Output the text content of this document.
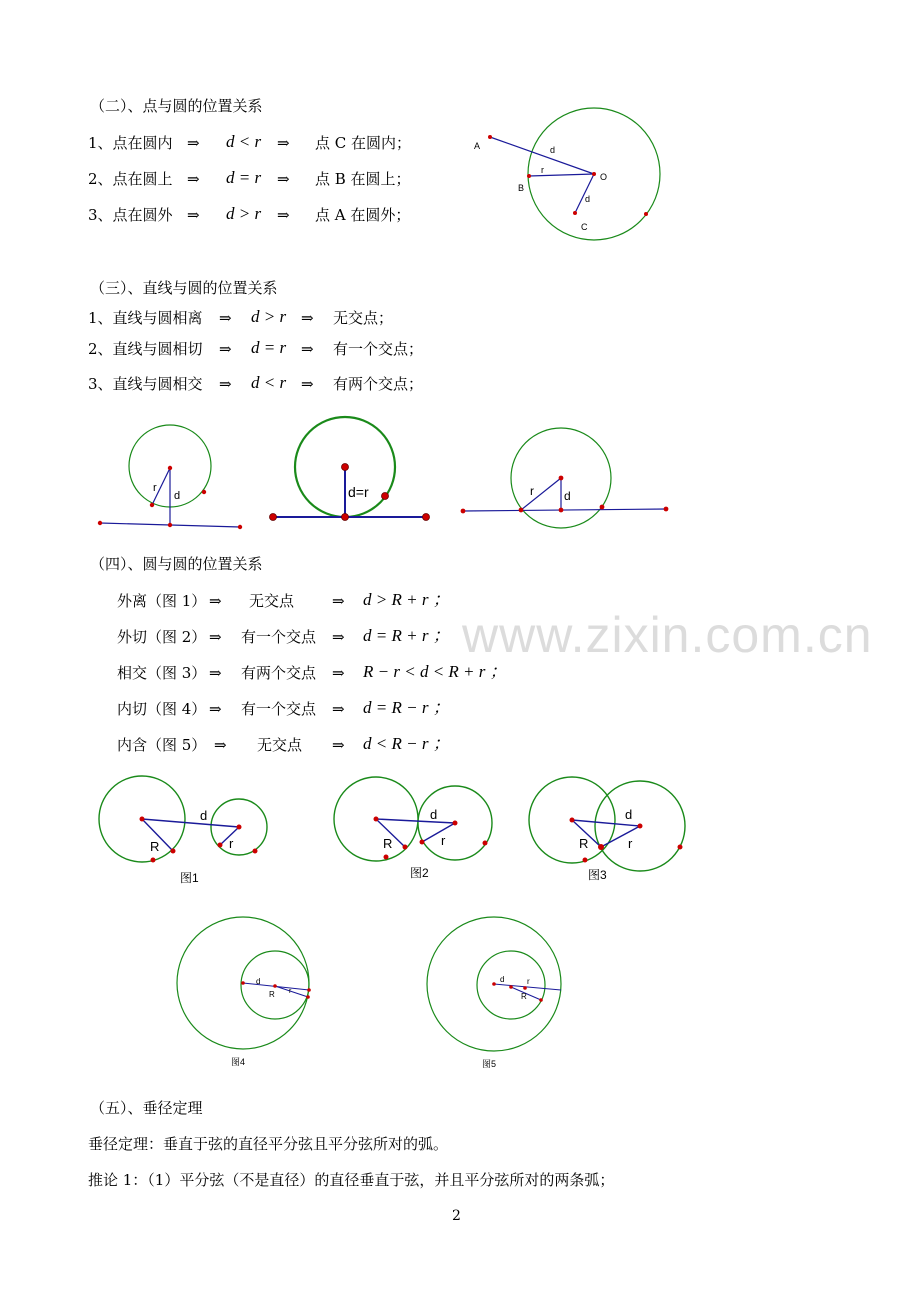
www.zixin.com.cn
（二）、点与圆的位置关系
1、点在圆内 ⇒ d < r ⇒ 点 C 在圆内；
2、点在圆上 ⇒ d = r ⇒ 点 B 在圆上；
3、点在圆外 ⇒ d > r ⇒ 点 A 在圆外；
A
B
C
O
d
r
d
（三）、直线与圆的位置关系
1、直线与圆相离 ⇒ d > r ⇒ 无交点；
2、直线与圆相切 ⇒ d = r ⇒ 有一个交点；
3、直线与圆相交 ⇒ d < r ⇒ 有两个交点；
r
d	d=r	r	d
（四）、圆与圆的位置关系
外离（图 1） ⇒ 无交点	⇒ d > R + r ；
外切（图 2） ⇒ 有一个交点 ⇒ d = R + r ；
相交（图 3） ⇒ 有两个交点 ⇒ R − r < d < R + r ；
内切（图 4） ⇒ 有一个交点 ⇒ d = R − r ；
内含（图 5） ⇒ 无交点 ⇒ d < R − r ；
d
R	r
图1
d
R	r
图2
d
R	r
图3
d
R r
图4
d
R
r
图5
（五）、垂径定理
垂径定理：垂直于弦的直径平分弦且平分弦所对的弧。
推论 1：（1）平分弦（不是直径）的直径垂直于弦，并且平分弦所对的两条弧；
2
